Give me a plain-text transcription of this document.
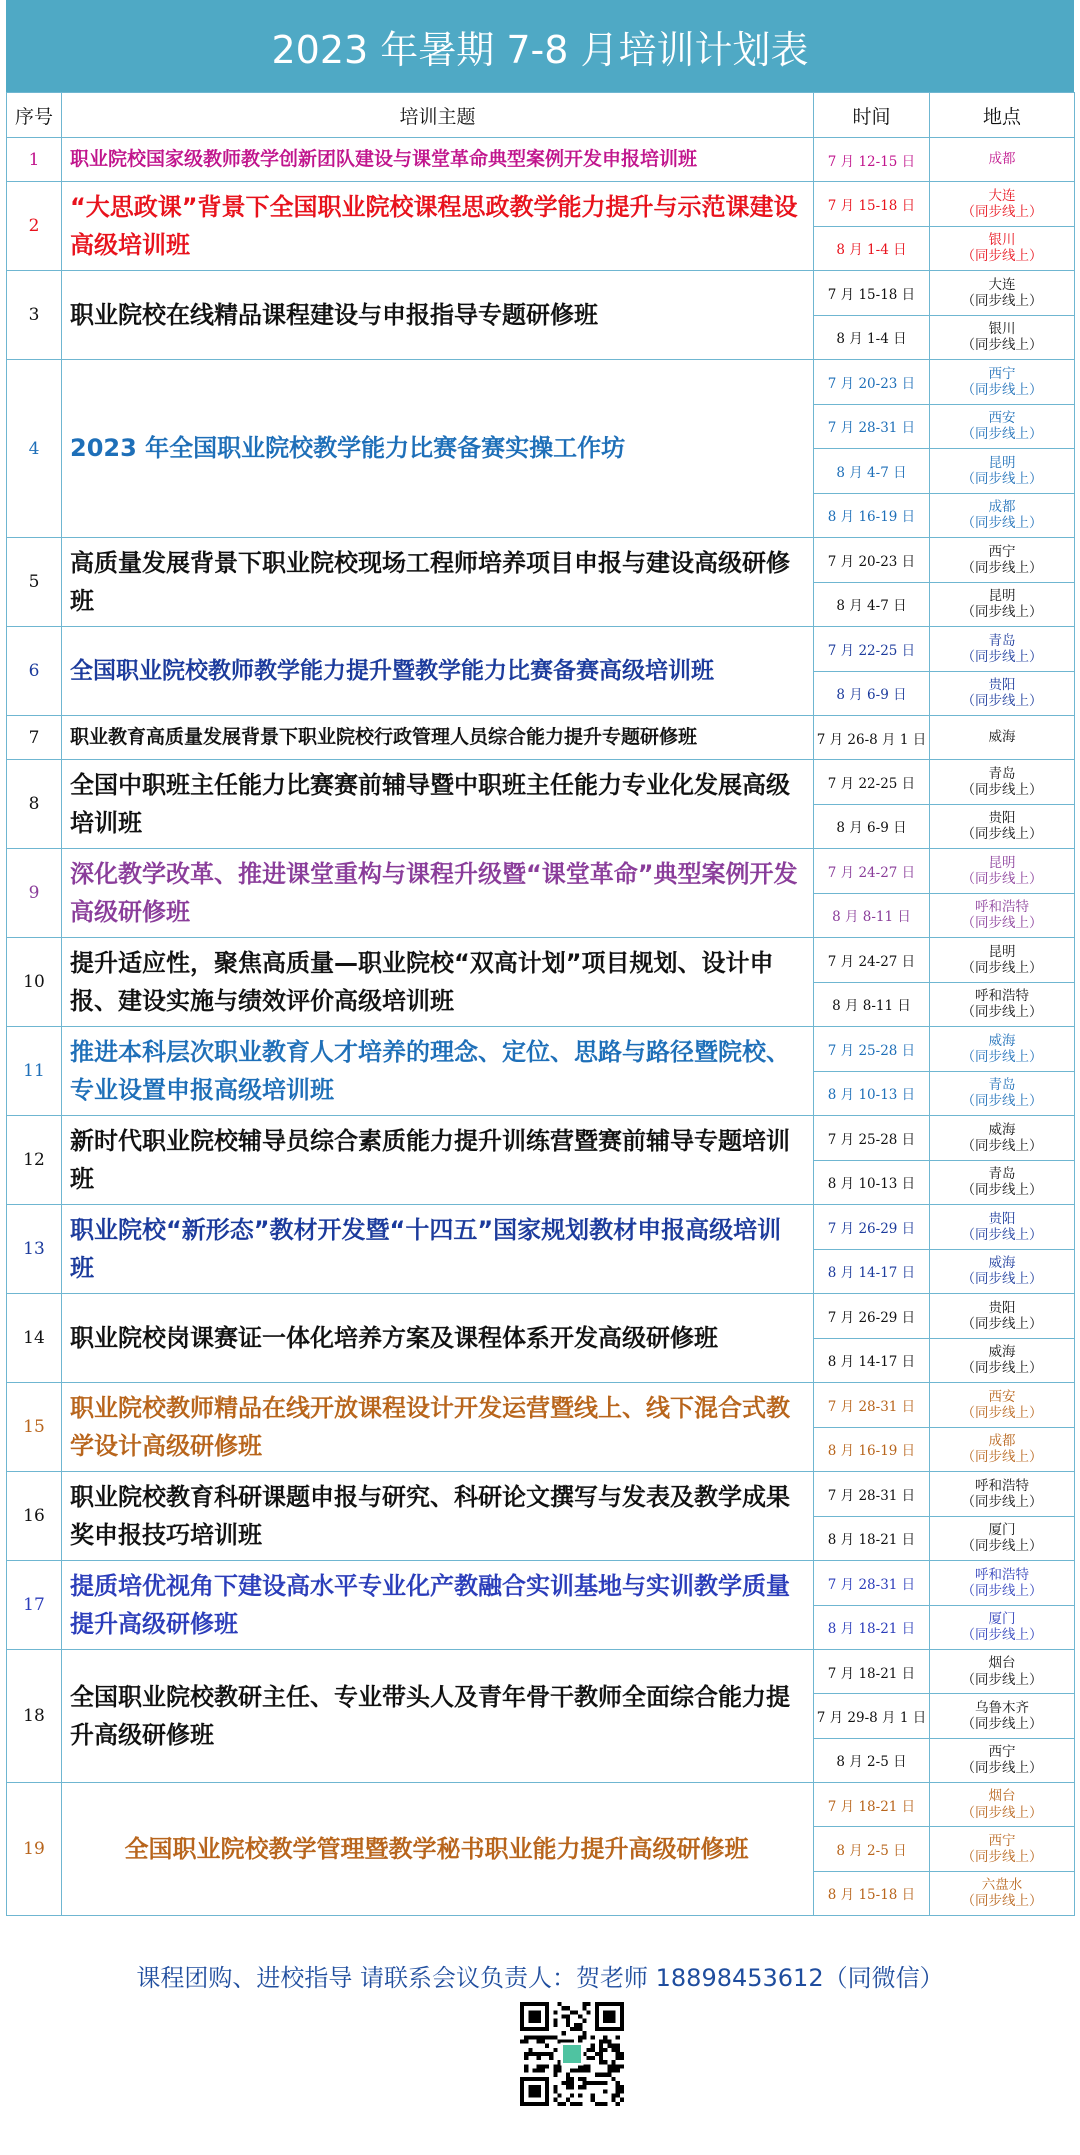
2023 年暑期 7-8 月培训计划表
序号	培训主题	时间	地点
1	职业院校国家级教师教学创新团队建设与课堂革命典型案例开发申报培训班	7 月 12-15 日	成都

2	“大思政课”背景下全国职业院校课程思政教学能力提升与示范课建设高级培训班	7 月 15-18 日	大连
（同步线上）

		8 月 1-4 日	银川
（同步线上）

3	职业院校在线精品课程建设与申报指导专题研修班	7 月 15-18 日	大连
（同步线上）

		8 月 1-4 日	银川
（同步线上）

4	2023 年全国职业院校教学能力比赛备赛实操工作坊	7 月 20-23 日	西宁
（同步线上）

		7 月 28-31 日	西安
（同步线上）

		8 月 4-7 日	昆明
（同步线上）

		8 月 16-19 日	成都
（同步线上）

5	高质量发展背景下职业院校现场工程师培养项目申报与建设高级研修班	7 月 20-23 日	西宁
（同步线上）

		8 月 4-7 日	昆明
（同步线上）

6	全国职业院校教师教学能力提升暨教学能力比赛备赛高级培训班	7 月 22-25 日	青岛
（同步线上）

		8 月 6-9 日	贵阳
（同步线上）

7	职业教育高质量发展背景下职业院校行政管理人员综合能力提升专题研修班	7 月 26-8 月 1 日	威海

8	全国中职班主任能力比赛赛前辅导暨中职班主任能力专业化发展高级培训班	7 月 22-25 日	青岛
（同步线上）

		8 月 6-9 日	贵阳
（同步线上）

9	深化教学改革、推进课堂重构与课程升级暨“课堂革命”典型案例开发高级研修班	7 月 24-27 日	昆明
（同步线上）

		8 月 8-11 日	呼和浩特
（同步线上）

10	提升适应性，聚焦高质量—职业院校“双高计划”项目规划、设计申报、建设实施与绩效评价高级培训班	7 月 24-27 日	昆明
（同步线上）

		8 月 8-11 日	呼和浩特
（同步线上）

11	推进本科层次职业教育人才培养的理念、定位、思路与路径暨院校、专业设置申报高级培训班	7 月 25-28 日	威海
（同步线上）

		8 月 10-13 日	青岛
（同步线上）

12	新时代职业院校辅导员综合素质能力提升训练营暨赛前辅导专题培训班	7 月 25-28 日	威海
（同步线上）

		8 月 10-13 日	青岛
（同步线上）

13	职业院校“新形态”教材开发暨“十四五”国家规划教材申报高级培训班	7 月 26-29 日	贵阳
（同步线上）

		8 月 14-17 日	威海
（同步线上）

14	职业院校岗课赛证一体化培养方案及课程体系开发高级研修班	7 月 26-29 日	贵阳
（同步线上）

		8 月 14-17 日	威海
（同步线上）

15	职业院校教师精品在线开放课程设计开发运营暨线上、线下混合式教学设计高级研修班	7 月 28-31 日	西安
（同步线上）

		8 月 16-19 日	成都
（同步线上）

16	职业院校教育科研课题申报与研究、科研论文撰写与发表及教学成果奖申报技巧培训班	7 月 28-31 日	呼和浩特
（同步线上）

		8 月 18-21 日	厦门
（同步线上）

17	提质培优视角下建设高水平专业化产教融合实训基地与实训教学质量提升高级研修班	7 月 28-31 日	呼和浩特
（同步线上）

		8 月 18-21 日	厦门
（同步线上）

18	全国职业院校教研主任、专业带头人及青年骨干教师全面综合能力提升高级研修班	7 月 18-21 日	烟台
（同步线上）

		7 月 29-8 月 1 日	乌鲁木齐
（同步线上）

		8 月 2-5 日	西宁
（同步线上）

19	全国职业院校教学管理暨教学秘书职业能力提升高级研修班	7 月 18-21 日	烟台
（同步线上）

		8 月 2-5 日	西宁
（同步线上）

		8 月 15-18 日	六盘水
（同步线上）
课程团购、进校指导 请联系会议负责人：贺老师 18898453612（同微信）
